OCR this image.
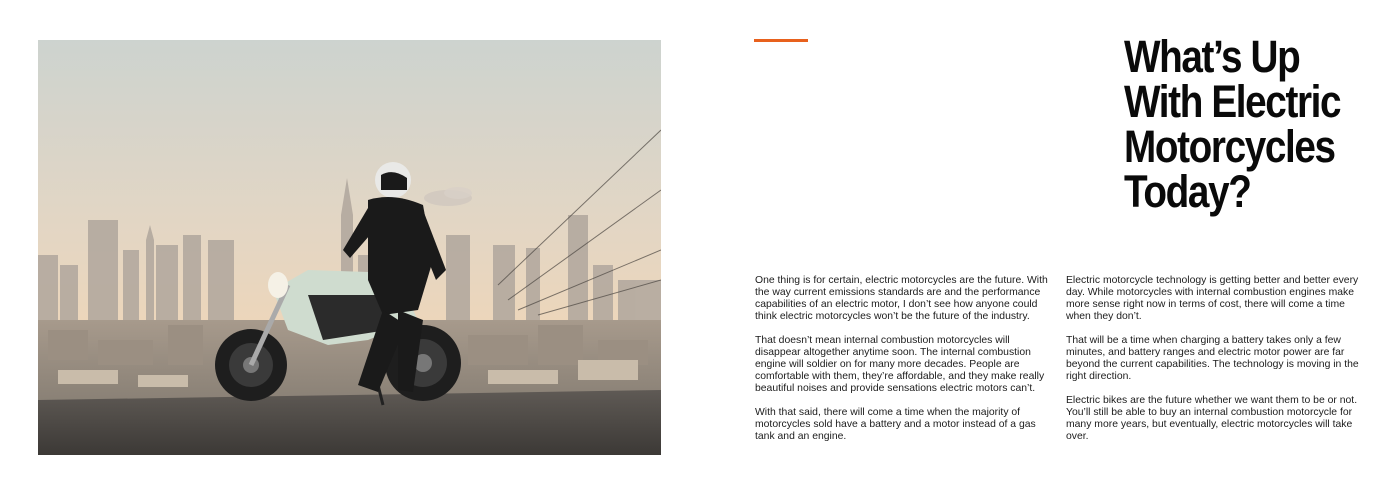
What’s Up
With Electric
Motorcycles
Today?

One thing is for certain, electric motorcycles are the future. With the way current emissions standards are and the performance capabilities of an electric motor, I don’t see how anyone could think electric motorcycles won’t be the future of the industry.

That doesn’t mean internal combustion motorcycles will disappear altogether anytime soon. The internal combustion engine will soldier on for many more decades. People are comfortable with them, they’re affordable, and they make really beautiful noises and provide sensations electric motors can’t.

With that said, there will come a time when the majority of motorcycles sold have a battery and a motor instead of a gas tank and an engine.

Electric motorcycle technology is getting better and better every day. While motorcycles with internal combustion engines make more sense right now in terms of cost, there will come a time when they don’t.

That will be a time when charging a battery takes only a few minutes, and battery ranges and electric motor power are far beyond the current capabilities. The technology is moving in the right direction.

Electric bikes are the future whether we want them to be or not. You’ll still be able to buy an internal combustion motorcycle for many more years, but eventually, electric motorcycles will take over.
